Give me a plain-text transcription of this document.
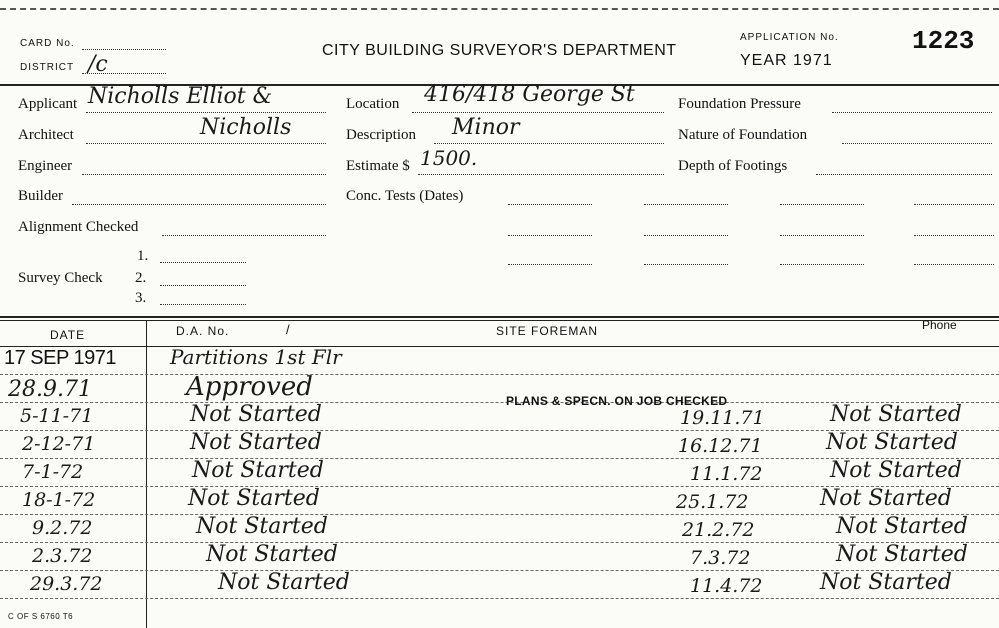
CARD No.
DISTRICT /c
CITY BUILDING SURVEYOR'S DEPARTMENT
APPLICATION No.
YEAR 1971
1223
Applicant Nicholls Elliot &
Architect	Nicholls
Engineer
Builder
Alignment Checked
Survey Check
1.
2.
3.
Location 416/418 George St
Description Minor
Estimate $ 1500.
Conc. Tests (Dates)
Foundation Pressure
Nature of Foundation
Depth of Footings
DATE	D.A. No.	/	SITE FOREMAN	Phone
17 SEP 1971	Partitions 1st Flr
28.9.71	Approved	PLANS & SPECN. ON JOB CHECKED
5-11-71	Not Started	19.11.71	Not Started
2-12-71	Not Started	16.12.71	Not Started
7-1-72	Not Started	11.1.72	Not Started
18-1-72	Not Started	25.1.72	Not Started
9.2.72	Not Started	21.2.72	Not Started
2.3.72	Not Started	7.3.72	Not Started
29.3.72	Not Started	11.4.72	Not Started
C OF S 6760 T6
